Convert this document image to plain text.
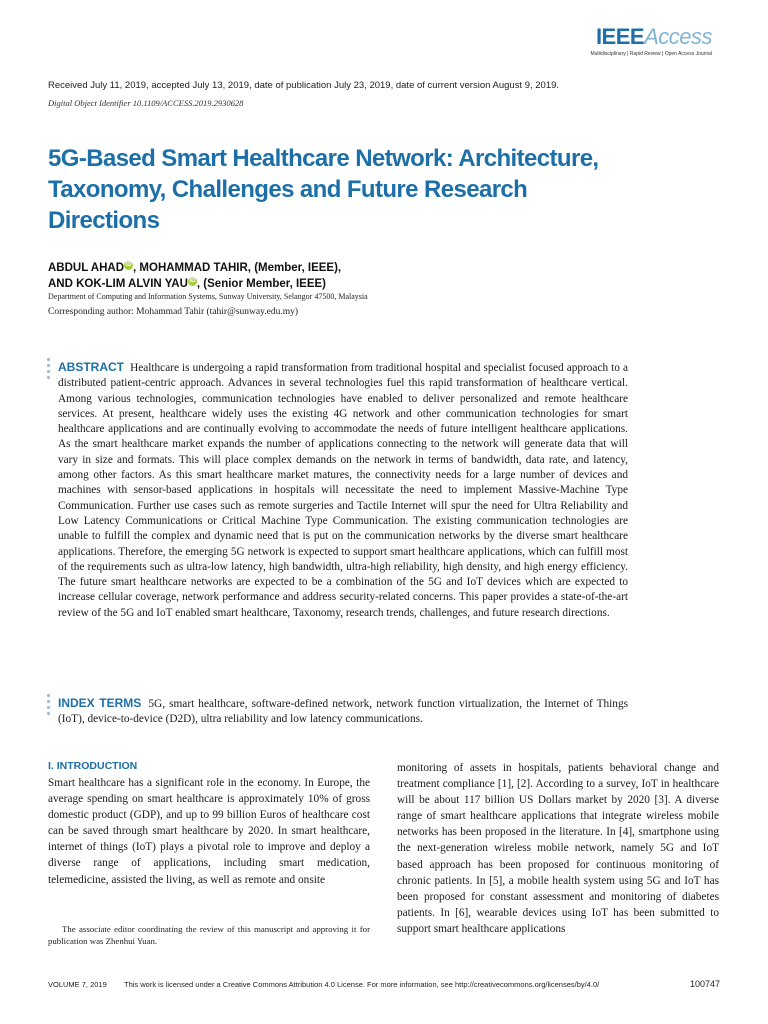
IEEEAccess
Multidisciplinary | Rapid Review | Open Access Journal
Received July 11, 2019, accepted July 13, 2019, date of publication July 23, 2019, date of current version August 9, 2019.
Digital Object Identifier 10.1109/ACCESS.2019.2930628
5G-Based Smart Healthcare Network: Architecture, Taxonomy, Challenges and Future Research Directions
ABDUL AHAD iD , MOHAMMAD TAHIR, (Member, IEEE),
AND KOK-LIM ALVIN YAU iD , (Senior Member, IEEE)
Department of Computing and Information Systems, Sunway University, Selangor 47500, Malaysia
Corresponding author: Mohammad Tahir (tahir@sunway.edu.my)
ABSTRACT Healthcare is undergoing a rapid transformation from traditional hospital and specialist focused approach to a distributed patient-centric approach. Advances in several technologies fuel this rapid transformation of healthcare vertical. Among various technologies, communication technologies have enabled to deliver personalized and remote healthcare services. At present, healthcare widely uses the existing 4G network and other communication technologies for smart healthcare applications and are continually evolving to accommodate the needs of future intelligent healthcare applications. As the smart healthcare market expands the number of applications connecting to the network will generate data that will vary in size and formats. This will place complex demands on the network in terms of bandwidth, data rate, and latency, among other factors. As this smart healthcare market matures, the connectivity needs for a large number of devices and machines with sensor-based applications in hospitals will necessitate the need to implement Massive-Machine Type Communication. Further use cases such as remote surgeries and Tactile Internet will spur the need for Ultra Reliability and Low Latency Communications or Critical Machine Type Communication. The existing communication technologies are unable to fulfill the complex and dynamic need that is put on the communication networks by the diverse smart healthcare applications. Therefore, the emerging 5G network is expected to support smart healthcare applications, which can fulfill most of the requirements such as ultra-low latency, high bandwidth, ultra-high reliability, high density, and high energy efficiency. The future smart healthcare networks are expected to be a combination of the 5G and IoT devices which are expected to increase cellular coverage, network performance and address security-related concerns. This paper provides a state-of-the-art review of the 5G and IoT enabled smart healthcare, Taxonomy, research trends, challenges, and future research directions.
INDEX TERMS 5G, smart healthcare, software-defined network, network function virtualization, the Internet of Things (IoT), device-to-device (D2D), ultra reliability and low latency communications.
I. INTRODUCTION
Smart healthcare has a significant role in the economy. In Europe, the average spending on smart healthcare is approximately 10% of gross domestic product (GDP), and up to 99 billion Euros of healthcare cost can be saved through smart healthcare by 2020. In smart healthcare, internet of things (IoT) plays a pivotal role to improve and deploy a diverse range of applications, including smart medication, telemedicine, assisted the living, as well as remote and onsite
The associate editor coordinating the review of this manuscript and approving it for publication was Zhenhui Yuan.
monitoring of assets in hospitals, patients behavioral change and treatment compliance [1], [2]. According to a survey, IoT in healthcare will be about 117 billion US Dollars market by 2020 [3]. A diverse range of smart healthcare applications that integrate wireless mobile networks has been proposed in the literature. In [4], smartphone using the next-generation wireless mobile network, namely 5G and IoT based approach has been proposed for continuous monitoring of chronic patients. In [5], a mobile health system using 5G and IoT has been proposed for constant assessment and monitoring of diabetes patients. In [6], wearable devices using IoT has been submitted to support smart healthcare applications
VOLUME 7, 2019 This work is licensed under a Creative Commons Attribution 4.0 License. For more information, see http://creativecommons.org/licenses/by/4.0/	100747
